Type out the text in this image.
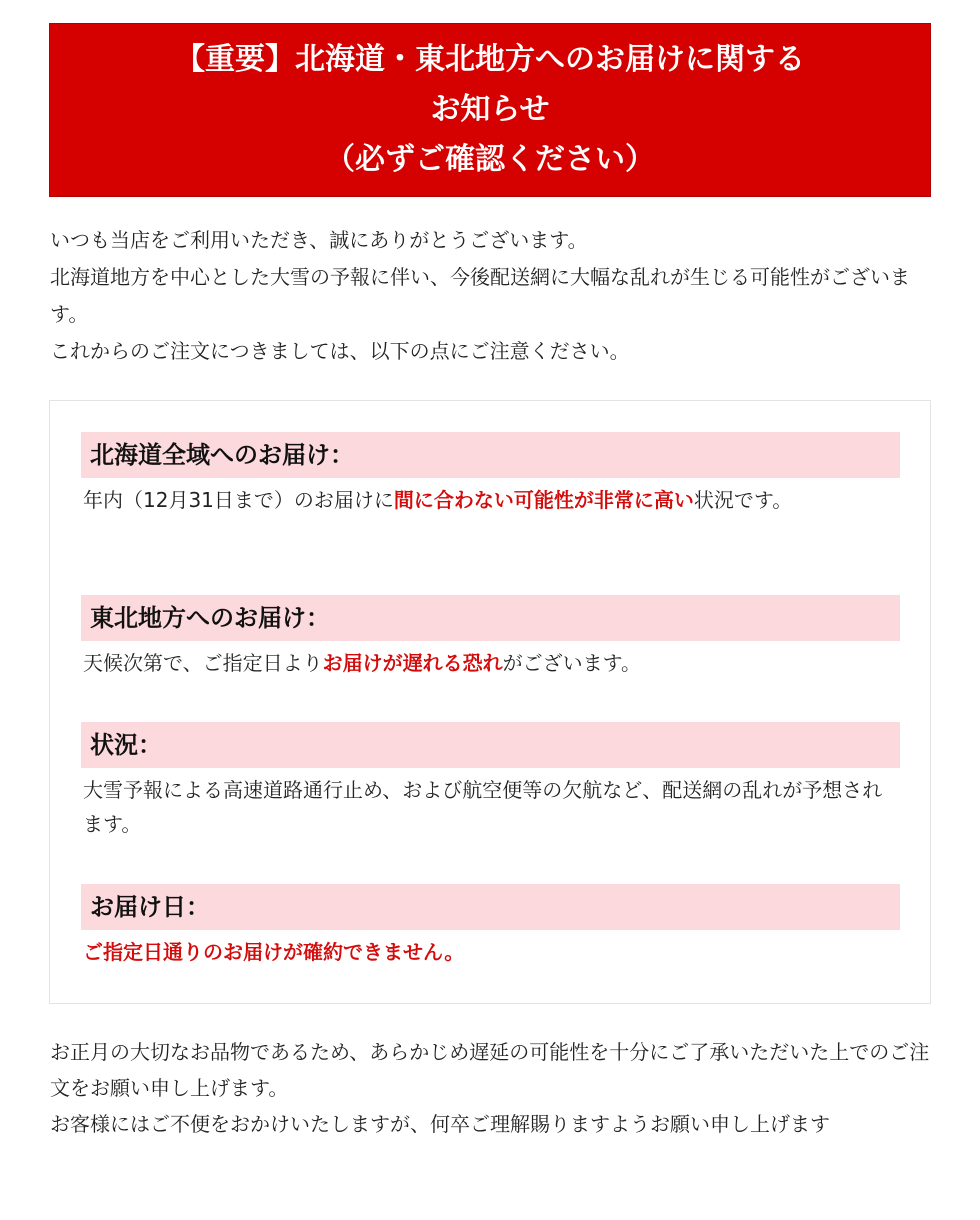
【重要】北海道・東北地方へのお届けに関する
お知らせ
（必ずご確認ください）

いつも当店をご利用いただき、誠にありがとうございます。

北海道地方を中心とした大雪の予報に伴い、今後配送網に大幅な乱れが生じる可能性がございます。

これからのご注文につきましては、以下の点にご注意ください。

北海道全域へのお届け：
年内（12月31日まで）のお届けに間に合わない可能性が非常に高い状況です。
東北地方へのお届け：
天候次第で、ご指定日よりお届けが遅れる恐れがございます。
状況：
大雪予報による高速道路通行止め、および航空便等の欠航など、配送網の乱れが予想されます。
お届け日：
ご指定日通りのお届けが確約できません。

お正月の大切なお品物であるため、あらかじめ遅延の可能性を十分にご了承いただいた上でのご注文をお願い申し上げます。

お客様にはご不便をおかけいたしますが、何卒ご理解賜りますようお願い申し上げます
